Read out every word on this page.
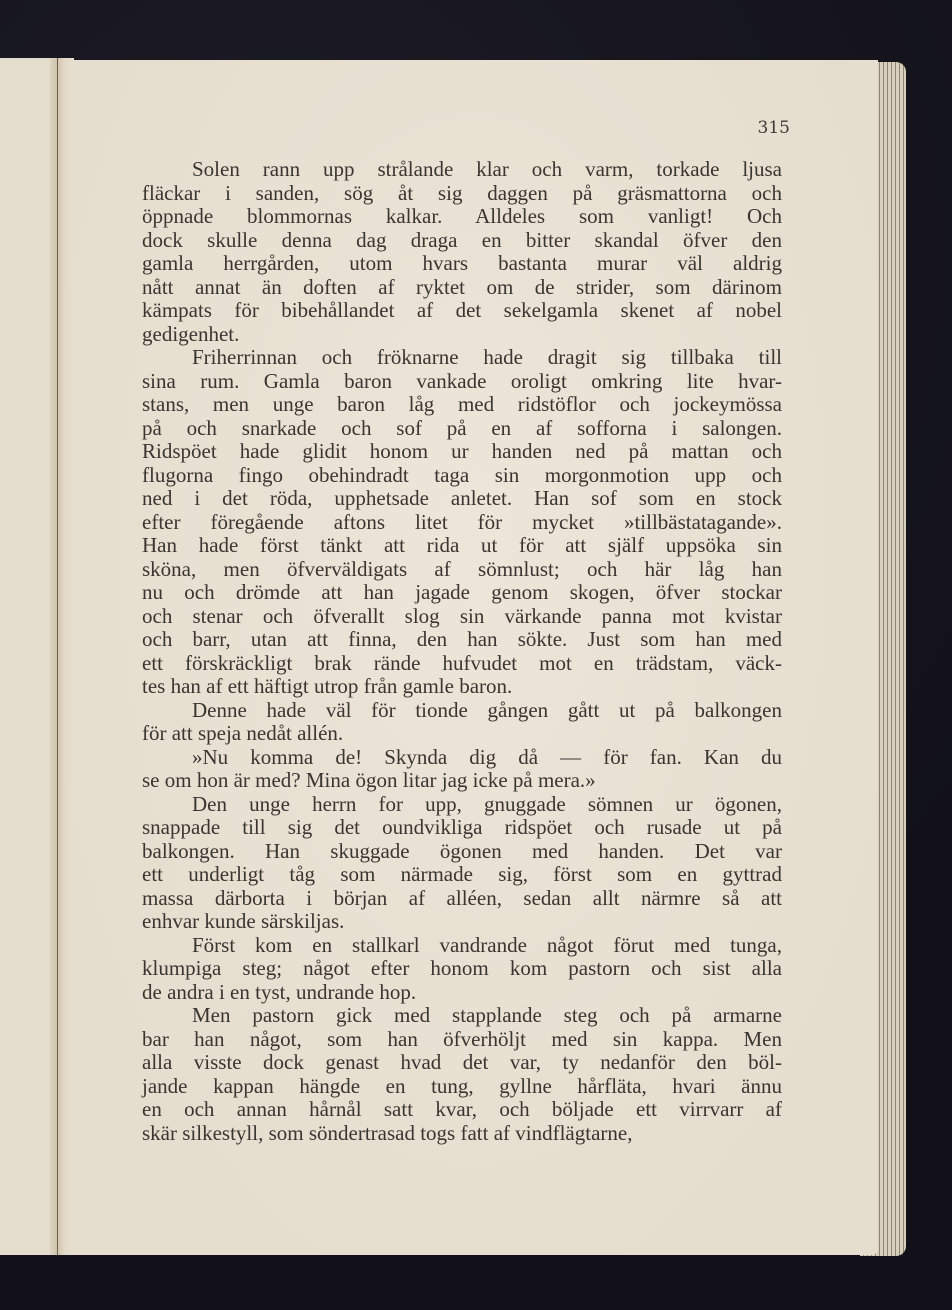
315
Solen rann upp strålande klar och varm, torkade ljusa
fläckar i sanden, sög åt sig daggen på gräsmattorna och
öppnade blommornas kalkar. Alldeles som vanligt! Och
dock skulle denna dag draga en bitter skandal öfver den
gamla herrgården, utom hvars bastanta murar väl aldrig
nått annat än doften af ryktet om de strider, som därinom
kämpats för bibehållandet af det sekelgamla skenet af nobel
gedigenhet.
Friherrinnan och fröknarne hade dragit sig tillbaka till
sina rum. Gamla baron vankade oroligt omkring lite hvar-
stans, men unge baron låg med ridstöflor och jockeymössa
på och snarkade och sof på en af sofforna i salongen.
Ridspöet hade glidit honom ur handen ned på mattan och
flugorna fingo obehindradt taga sin morgonmotion upp och
ned i det röda, upphetsade anletet. Han sof som en stock
efter föregående aftons litet för mycket »tillbästatagande».
Han hade först tänkt att rida ut för att själf uppsöka sin
sköna, men öfverväldigats af sömnlust; och här låg han
nu och drömde att han jagade genom skogen, öfver stockar
och stenar och öfverallt slog sin värkande panna mot kvistar
och barr, utan att finna, den han sökte. Just som han med
ett förskräckligt brak rände hufvudet mot en trädstam, väck-
tes han af ett häftigt utrop från gamle baron.
Denne hade väl för tionde gången gått ut på balkongen
för att speja nedåt allén.
»Nu komma de! Skynda dig då — för fan. Kan du
se om hon är med? Mina ögon litar jag icke på mera.»
Den unge herrn for upp, gnuggade sömnen ur ögonen,
snappade till sig det oundvikliga ridspöet och rusade ut på
balkongen. Han skuggade ögonen med handen. Det var
ett underligt tåg som närmade sig, först som en gyttrad
massa därborta i början af alléen, sedan allt närmre så att
enhvar kunde särskiljas.
Först kom en stallkarl vandrande något förut med tunga,
klumpiga steg; något efter honom kom pastorn och sist alla
de andra i en tyst, undrande hop.
Men pastorn gick med stapplande steg och på armarne
bar han något, som han öfverhöljt med sin kappa. Men
alla visste dock genast hvad det var, ty nedanför den böl-
jande kappan hängde en tung, gyllne hårfläta, hvari ännu
en och annan hårnål satt kvar, och böljade ett virrvarr af
skär silkestyll, som söndertrasad togs fatt af vindflägtarne,
